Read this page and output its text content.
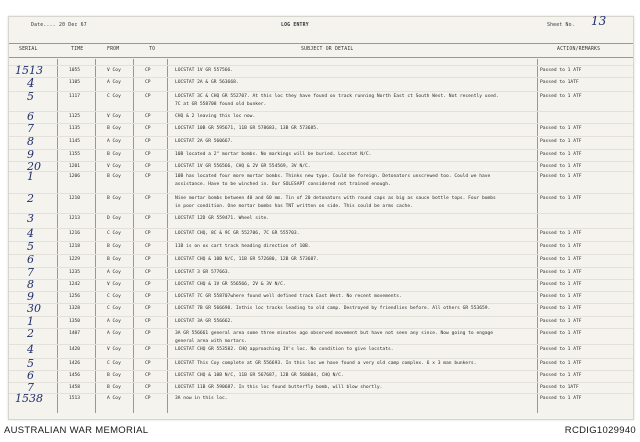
Date.... 20 Dec 67	LOG ENTRY	Sheet No. 13
SERIAL	TIME	FROM	TO	SUBJECT OR DETAIL	ACTION/REMARKS
1513	1055	V Coy	CP	LOCSTAT 1V GR 557566.	Passed to 1 ATF
4	1105	A Coy	CP	LOCSTAT 2A & GR 563668.	Passed to 1ATF
5	1117	C Coy	CP	LOCSTAT 3C & CHQ GR 552707. At this loc they have found ox track running North East ct South West. Not recently used.
7C at GR 558708 found old bunker.
Passed to 1 ATF
6	1125	V Coy	CP	CHQ & 2 leaving this loc now.
7	1135	B Coy	CP	LOCSTAT 10B GR 595671, 11B GR 578683, 13B GR 573685.	Passed to 1 ATF
8	1145	A Coy	CP	LOCSTAT 2A GR 560667.	Passed to 1 ATF
9	1155	B Coy	CP	10B located a 2" mortar bombs. No markings will be buried. Locstat N/C.	Passed to 1 ATF
20	1201	V Coy	CP	LOCSTAT 1V GR 556566, CHQ & 2V GR 554569, 3V N/C.	Passed to 1 ATF
1	1206	B Coy	CP	10B has located four more mortar bombs. Thinks new type. Could be foreign. Detonators unscrewed too. Could we have
assistance. Have to be winched in. Our SOLESAPT considered not trained enough.
Passed to 1 ATF
2	1210	B Coy	CP	Nine mortar bombs between 40 and 60 mm. Tin of 20 detonators with round caps as big as sauce bottle tops. Four bombs
in poor condition. One mortar bombs has TNT written on side. This could be arms cache.
Passed to 1 ATF
3	1213	D Coy	CP	LOCSTAT 12D GR 559471. Wheel site.
4	1216	C Coy	CP	LOCSTAT CHQ, 8C & 9C GR 552706, 7C GR 555703.	Passed to 1 ATF
5	1218	B Coy	CP	11B is on ox cart track heading direction of 10B.	Passed to 1 ATF
6	1229	B Coy	CP	LOCSTAT CHQ & 10B N/C, 11B GR 572680, 12B GR 573687.	Passed to 1 ATF
7	1235	A Coy	CP	LOCSTAT 3 GR 577663.	Passed to 1 ATF
8	1242	V Coy	CP	LOCSTAT CHQ & 1V GR 556566, 2V & 3V N/C.	Passed to 1 ATF
9	1256	C Coy	CP	LOCSTAT 7C GR 558707where found well defined track East West. No recent movements.	Passed to 1 ATF
30	1328	C Coy	CP	LOCSTAT 7B GR 566698. Inthis loc tracks leading to old camp. Destroyed by friendlies before. All others GR 553659.	Passed to 1 ATF
1	1350	A Coy	CP	LOCSTAT 3A GR 556662.	Passed to 1 ATF
2	1407	A Coy	CP	3A GR 556661 general area some three minutes ago observed movement but have not seen any since. Now going to engage
general area with mortars.
Passed to 1 ATF
4	1420	V Coy	CP	LOCSTAT CHQ GR 553582. CHQ approaching IV's loc. No condition to give locstats.	Passed to 1 ATF
5	1426	C Coy	CP	LOCSTAT This Coy complete at GR 556693. In this loc we have found a very old camp complex. 6 x 3 man bunkers.	Passed to 1 ATF
6	1456	B Coy	CP	LOCSTAT CHQ & 10B N/C, 11B GR 567687, 12B GR 568684, CHQ N/C.	Passed to 1 ATF
7	1458	B Coy	CP	LOCSTAT 11B GR 590687. In this loc found butterfly bomb, will blow shortly.	Passed to 1ATF
1538	1513	A Coy	CP	3A now in this loc.	Passed to 1 ATF
AUSTRALIAN WAR MEMORIAL	RCDIG1029940
